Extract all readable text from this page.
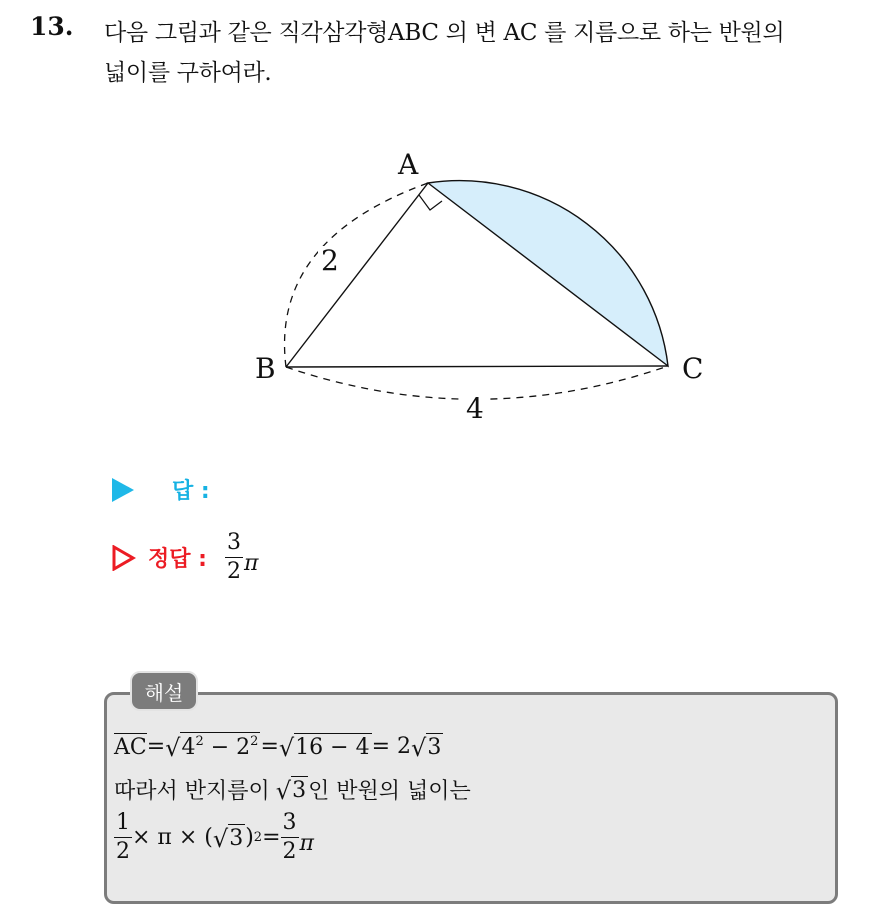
13. 다음 그림과 같은 직각삼각형ABC 의 변 AC 를 지름으로 하는 반원의
넓이를 구하여라.
A
B	C
2
4
답 :
정답 : $\frac{3}{2}$ π
해설
AC = √ $4^2 - 2^2$ = √ 16 − 4 = 2 √ 3
따라서 반지름이 √ 3 인 반원의 넓이는
$\frac{1}{2} \times \pi$ × ( √ 3 ) $2 = \frac{3}{2}$ π
